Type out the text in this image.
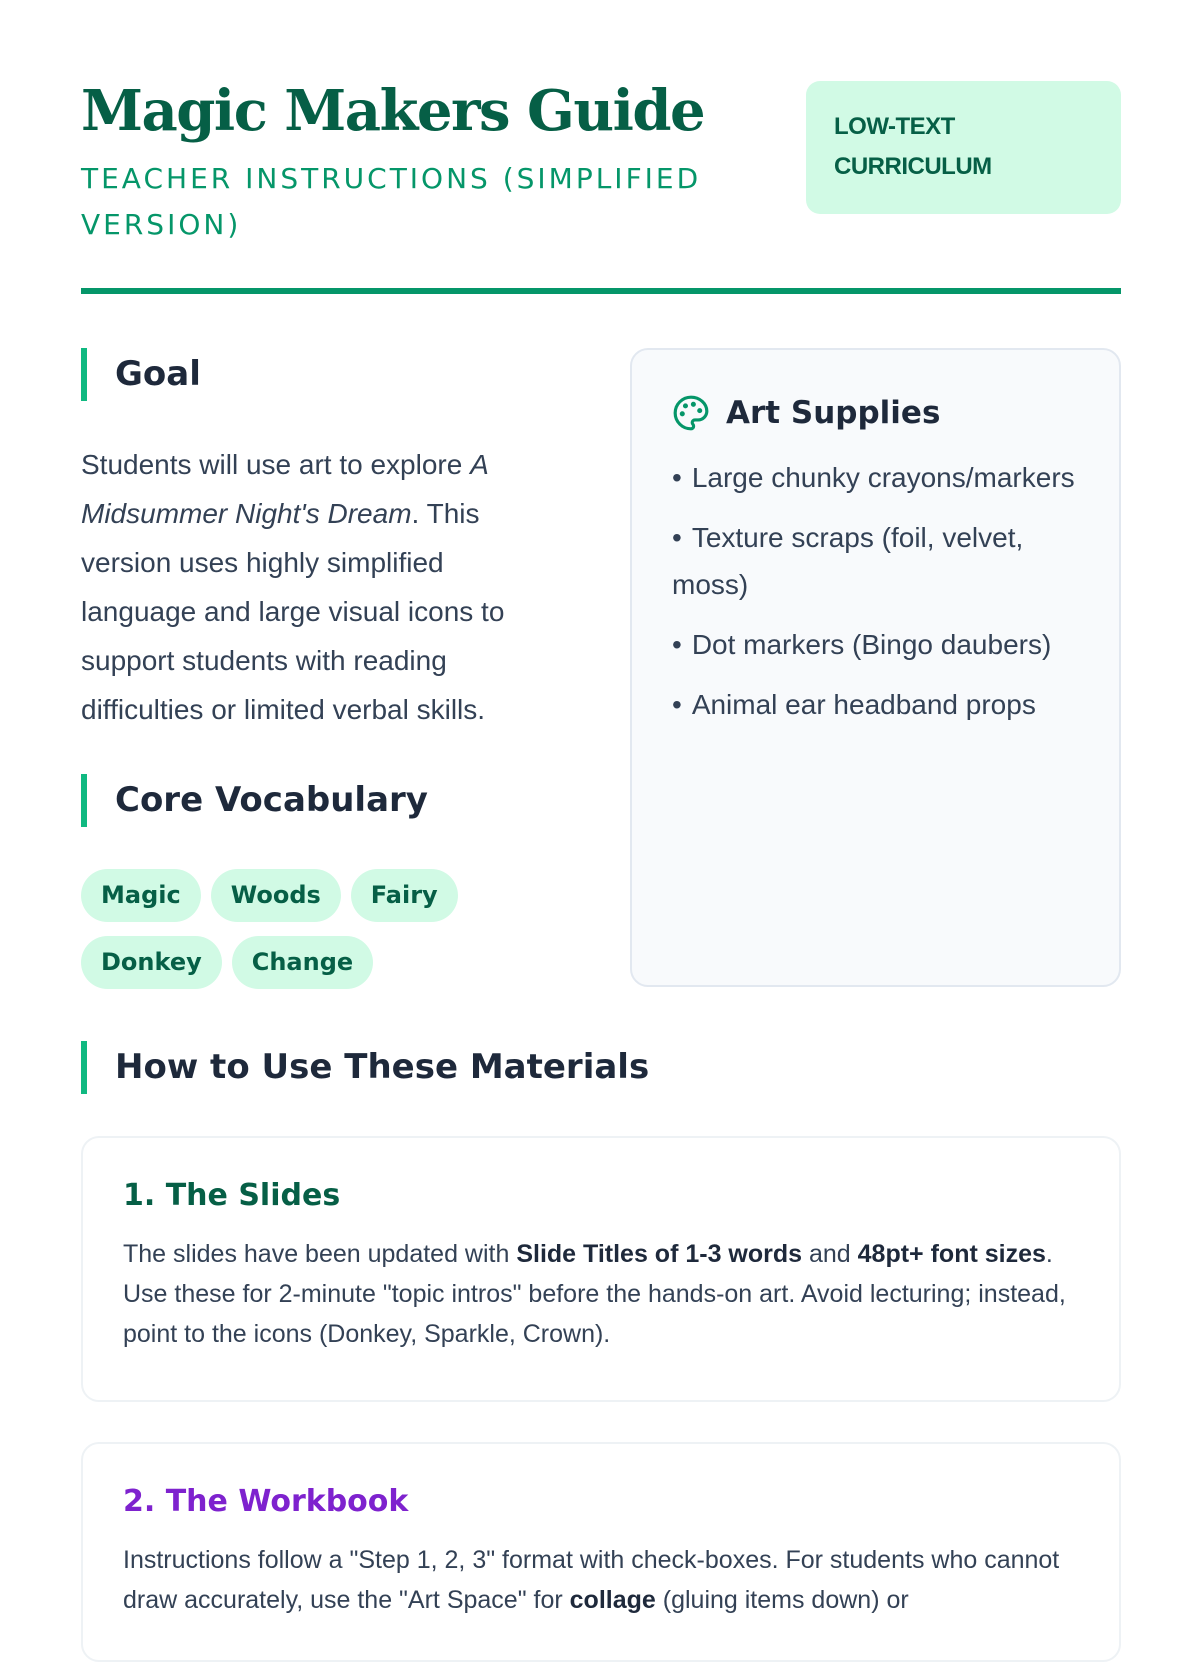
Magic Makers Guide

TEACHER INSTRUCTIONS (SIMPLIFIED VERSION)

LOW-TEXT
CURRICULUM
Goal

Students will use art to explore A Midsummer Night's Dream. This version uses highly simplified language and large visual icons to support students with reading difficulties or limited verbal skills.

Core Vocabulary
Magic Woods Fairy
Donkey Change
Art Supplies
• Large chunky crayons/markers
• Texture scraps (foil, velvet, moss)
• Dot markers (Bingo daubers)
• Animal ear headband props
How to Use These Materials
1. The Slides

The slides have been updated with Slide Titles of 1-3 words and 48pt+ font sizes. Use these for 2-minute "topic intros" before the hands-on art. Avoid lecturing; instead, point to the icons (Donkey, Sparkle, Crown).

2. The Workbook

Instructions follow a "Step 1, 2, 3" format with check-boxes. For students who cannot draw accurately, use the "Art Space" for collage (gluing items down) or
